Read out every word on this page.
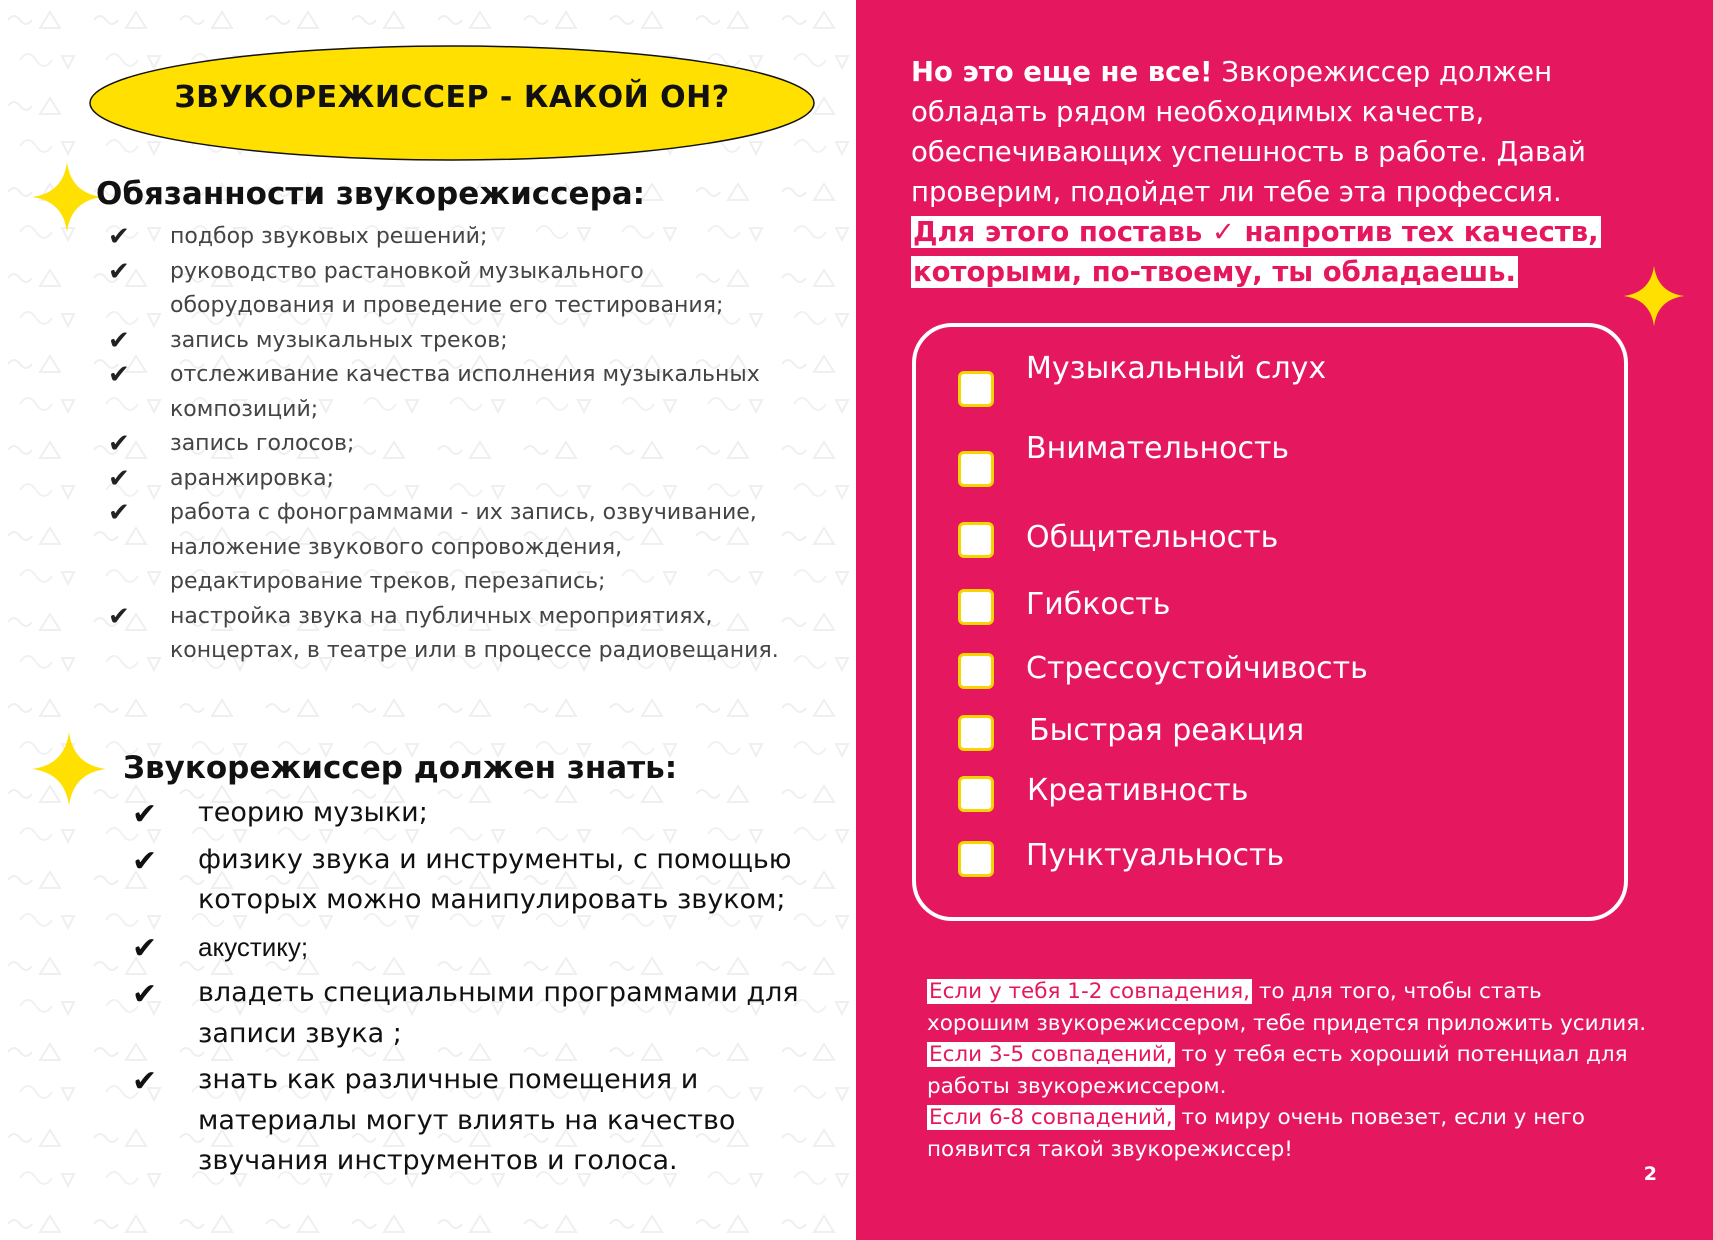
ЗВУКОРЕЖИССЕР - КАКОЙ ОН?
Обязанности звукорежиссера:
✔	подбор звуковых решений;
✔	руководство растановкой музыкального оборудования и проведение его тестирования;
✔	запись музыкальных треков;
✔	отслеживание качества исполнения музыкальных композиций;
✔	запись голосов;
✔	аранжировка;
✔	работа с фонограммами - их запись, озвучивание, наложение звукового сопровождения, редактирование треков, перезапись;
✔	настройка звука на публичных мероприятиях, концертах, в театре или в процессе радиовещания.
Звукорежиссер должен знать:
✔	теорию музыки;
✔	физику звука и инструменты, с помощью которых можно манипулировать звуком;
✔	акустику;
✔	владеть специальными программами для записи звука ;
✔	знать как различные помещения и материалы могут влиять на качество звучания инструментов и голоса.
Но это еще не все! Звкорежиссер должен обладать рядом необходимых качеств, обеспечивающих успешность в работе. Давай проверим, подойдет ли тебе эта профессия.
Для этого поставь ✓ напротив тех качеств,
которыми, по-твоему, ты обладаешь.
Музыкальный слух
Внимательность
Общительность
Гибкость
Стрессоустойчивость
Быстрая реакция
Креативность
Пунктуальность
Если у тебя 1-2 совпадения, то для того, чтобы стать хорошим звукорежиссером, тебе придется приложить усилия.
Если 3-5 совпадений, то у тебя есть хороший потенциал для работы звукорежиссером.
Если 6-8 совпадений, то миру очень повезет, если у него появится такой звукорежиссер!
2
